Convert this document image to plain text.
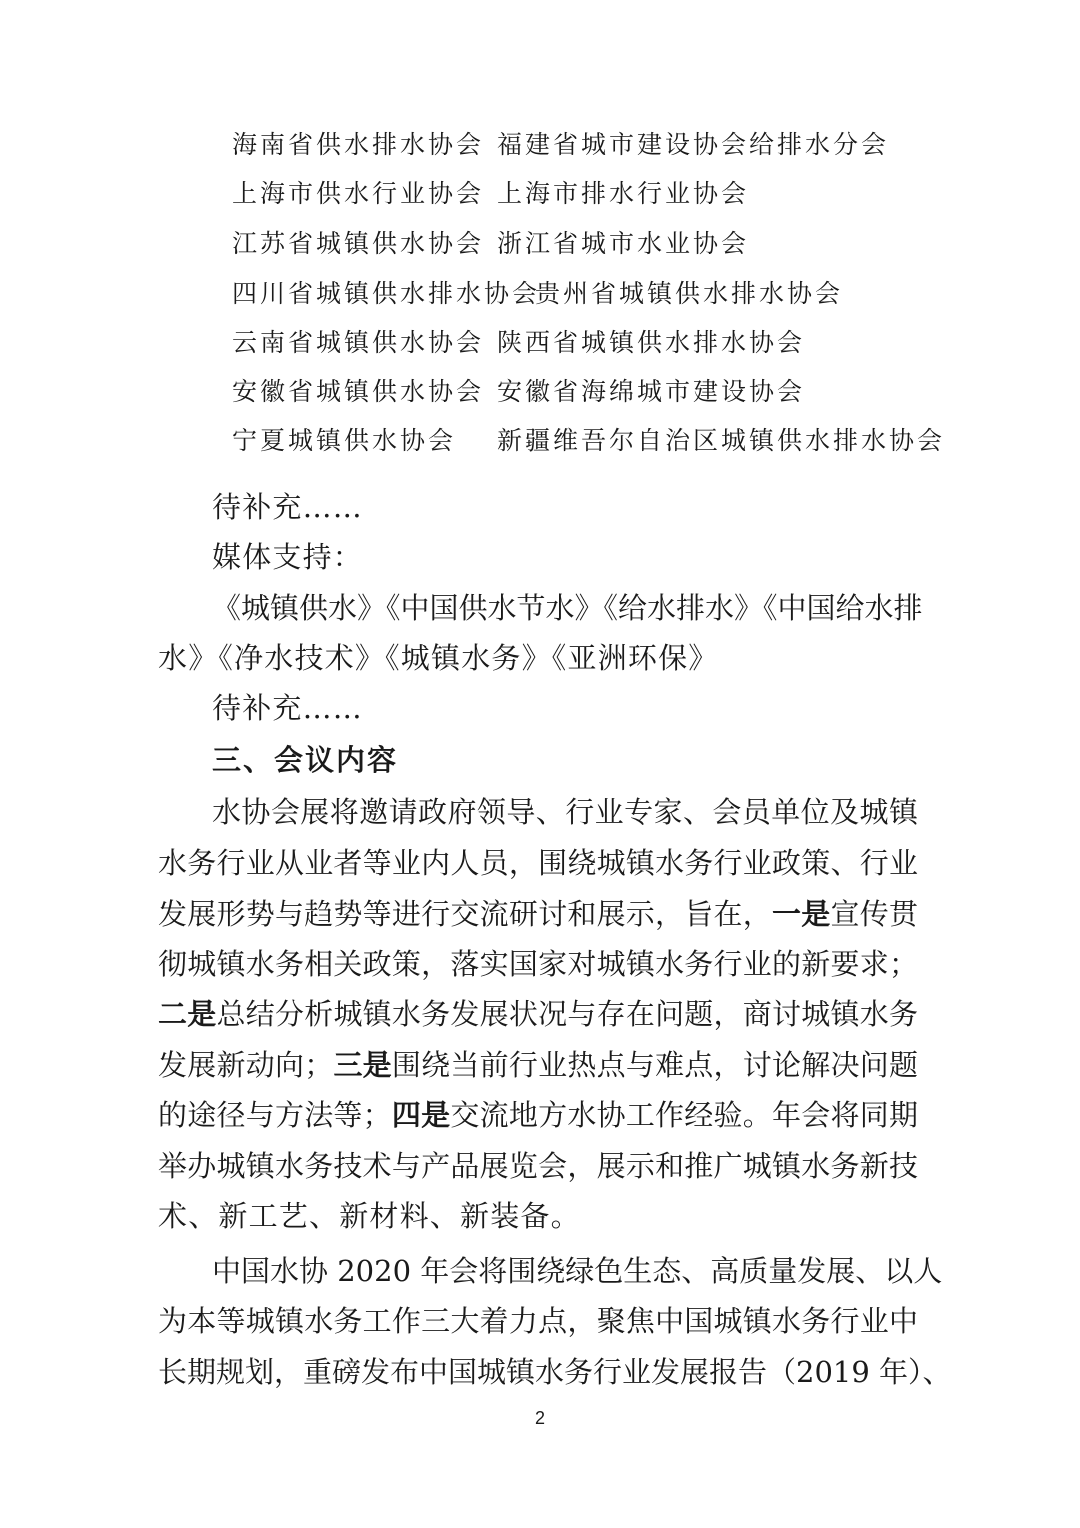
海南省供水排水协会 福建省城市建设协会给排水分会
上海市供水行业协会 上海市排水行业协会
江苏省城镇供水协会 浙江省城市水业协会
四川省城镇供水排水协会
贵州省城镇供水排水协会
云南省城镇供水协会 陕西省城镇供水排水协会
安徽省城镇供水协会 安徽省海绵城市建设协会
宁夏城镇供水协会 新疆维吾尔自治区城镇供水排水协会
待补充……
媒体支持：
《城镇供水》《中国供水节水》《给水排水》《中国给水排
水》《净水技术》《城镇水务》《亚洲环保》
待补充……
三、会议内容
水协会展将邀请政府领导、行业专家、会员单位及城镇
水务行业从业者等业内人员，围绕城镇水务行业政策、行业
发展形势与趋势等进行交流研讨和展示，旨在，一是宣传贯
彻城镇水务相关政策，落实国家对城镇水务行业的新要求；
二是总结分析城镇水务发展状况与存在问题，商讨城镇水务
发展新动向；三是围绕当前行业热点与难点，讨论解决问题
的途径与方法等；四是交流地方水协工作经验。年会将同期
举办城镇水务技术与产品展览会，展示和推广城镇水务新技
术、新工艺、新材料、新装备。
中国水协 2020 年会将围绕绿色生态、高质量发展、以人
为本等城镇水务工作三大着力点，聚焦中国城镇水务行业中
长期规划，重磅发布中国城镇水务行业发展报告（2019 年）、
2
